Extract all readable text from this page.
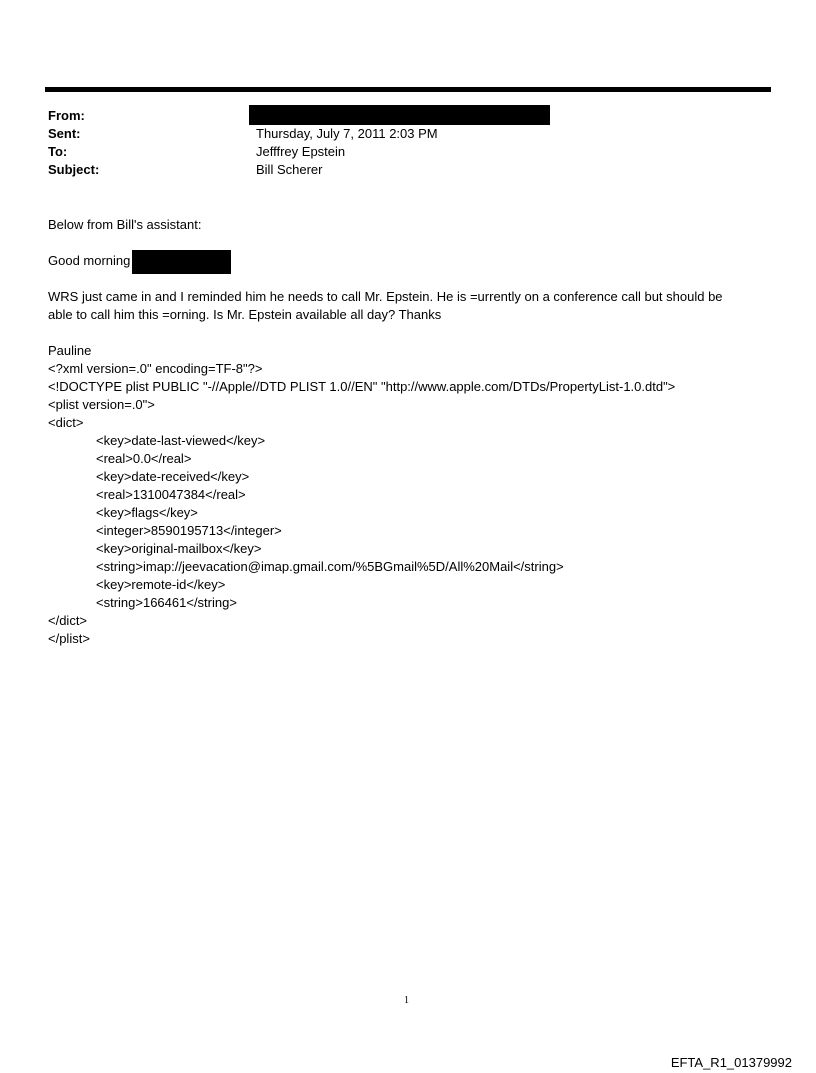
From:
Sent:	Thursday, July 7, 2011 2:03 PM
To:	Jefffrey Epstein
Subject:	Bill Scherer
Below from Bill's assistant:
Good morning
WRS just came in and I reminded him he needs to call Mr. Epstein. He is =urrently on a conference call but should be
able to call him this =orning. Is Mr. Epstein available all day? Thanks
Pauline
<?xml version=.0" encoding=TF-8"?>
<!DOCTYPE plist PUBLIC "-//Apple//DTD PLIST 1.0//EN" "http://www.apple.com/DTDs/PropertyList-1.0.dtd">
<plist version=.0">
<dict>
<key>date-last-viewed</key>
<real>0.0</real>
<key>date-received</key>
<real>1310047384</real>
<key>flags</key>
<integer>8590195713</integer>
<key>original-mailbox</key>
<string>imap://jeevacation@imap.gmail.com/%5BGmail%5D/All%20Mail</string>
<key>remote-id</key>
<string>166461</string>
</dict>
</plist>
1
EFTA_R1_01379992
